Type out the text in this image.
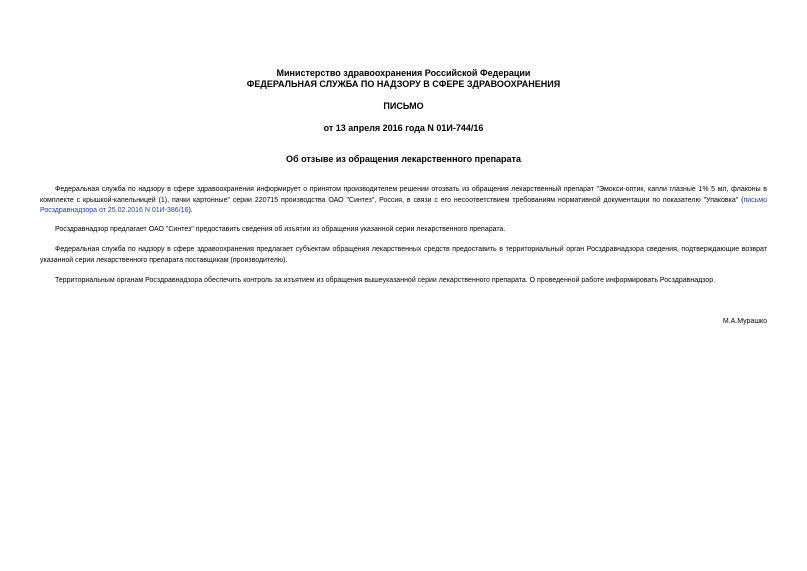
Министерство здравоохранения Российской Федерации
ФЕДЕРАЛЬНАЯ СЛУЖБА ПО НАДЗОРУ В СФЕРЕ ЗДРАВООХРАНЕНИЯ
ПИСЬМО
от 13 апреля 2016 года N 01И-744/16
Об отзыве из обращения лекарственного препарата

Федеральная служба по надзору в сфере здравоохранения информирует о принятом производителем решении отозвать из обращения лекарственный препарат "Эмокси-оптик, капли глазные 1% 5 мл, флаконы в комплекте с крышкой-капельницей (1), пачки картонные" серии 220715 производства ОАО "Синтез", Россия, в связи с его несоответствием требованиям нормативной документации по показателю "Упаковка" (письмо Росздравнадзора от 25.02.2016 N 01И-386/16).

Росздравнадзор предлагает ОАО "Синтез" предоставить сведения об изъятии из обращения указанной серии лекарственного препарата.

Федеральная служба по надзору в сфере здравоохранения предлагает субъектам обращения лекарственных средств предоставить в территориальный орган Росздравнадзора сведения, подтверждающие возврат указанной серии лекарственного препарата поставщикам (производителю).

Территориальным органам Росздравнадзора обеспечить контроль за изъятием из обращения вышеуказанной серии лекарственного препарата. О проведенной работе информировать Росздравнадзор.

М.А.Мурашко
